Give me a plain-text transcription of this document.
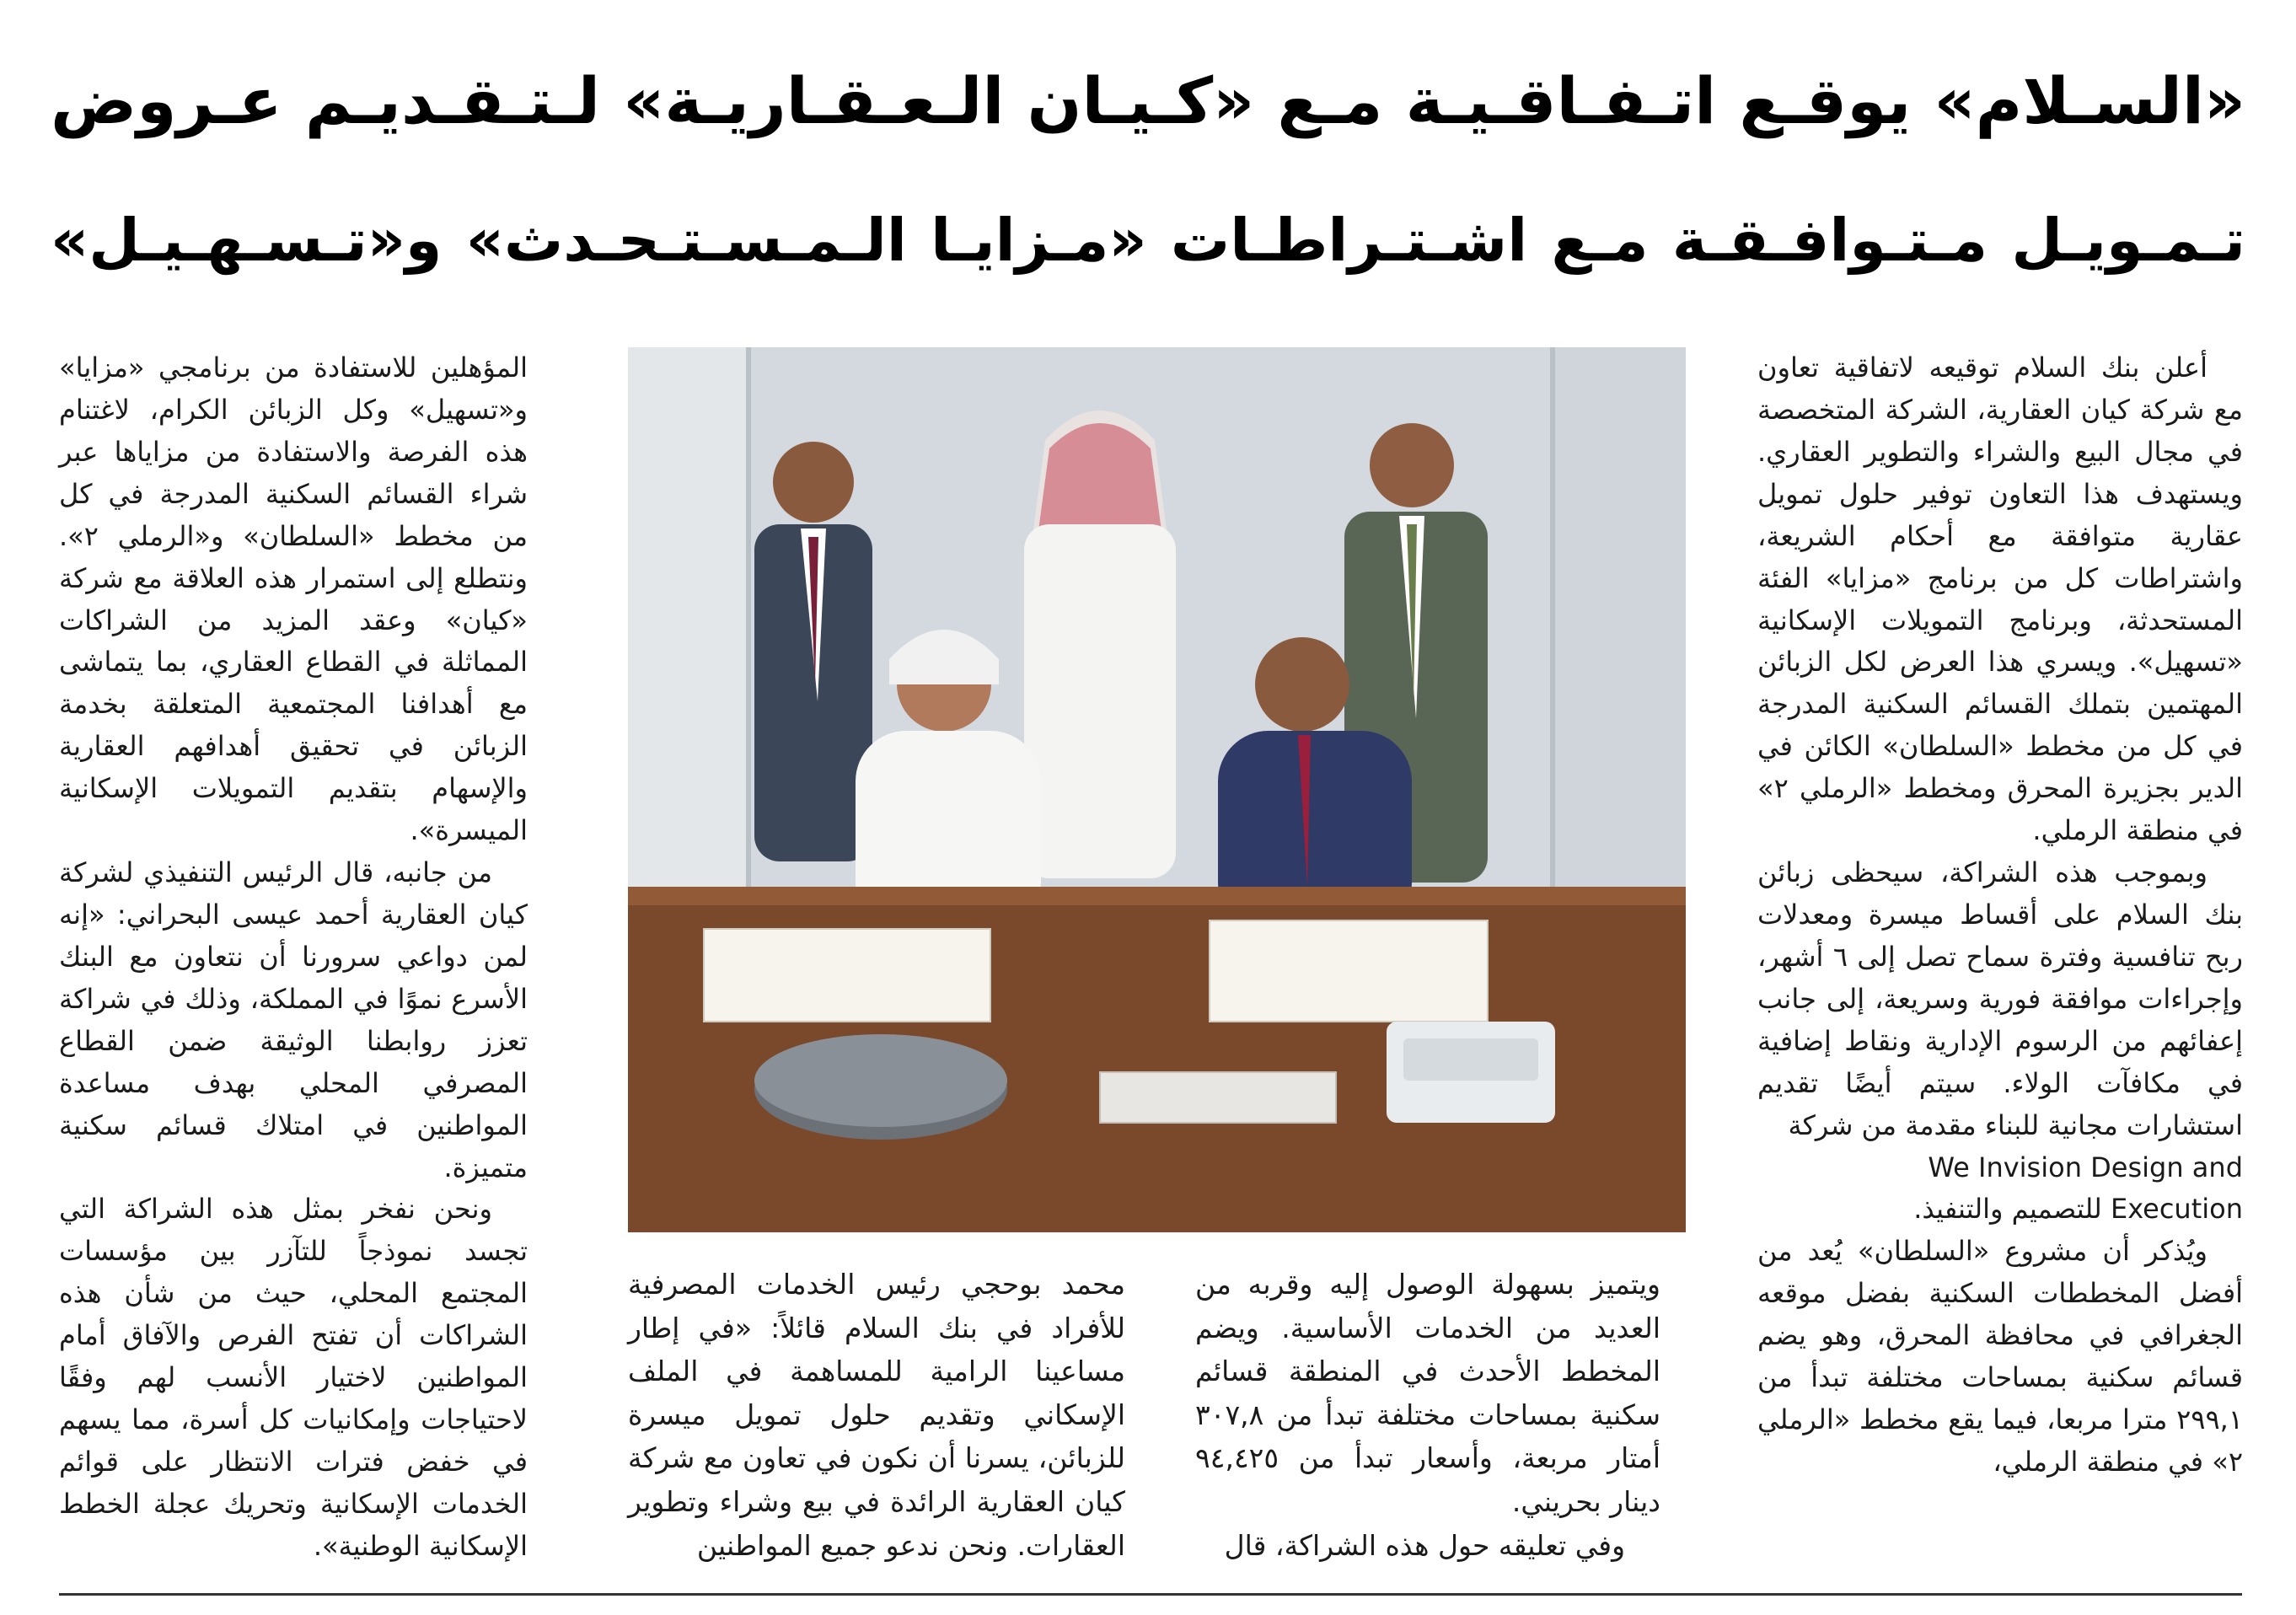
«السـلام» يوقـع اتـفـاقـيـة مـع «كـيـان الـعـقـاريـة» لـتـقـديـم عـروض
تـمـويـل مـتـوافـقـة مـع اشـتـراطـات «مـزايـا الـمـسـتـحـدث» و«تـسـهـيـل»

أعلن بنك السلام توقيعه لاتفاقية تعاون مع شركة كيان العقارية، الشركة المتخصصة في مجال البيع والشراء والتطوير العقاري. ويستهدف هذا التعاون توفير حلول تمويل عقارية متوافقة مع أحكام الشريعة، واشتراطات كل من برنامج «مزايا» الفئة المستحدثة، وبرنامج التمويلات الإسكانية «تسهيل». ويسري هذا العرض لكل الزبائن المهتمين بتملك القسائم السكنية المدرجة في كل من مخطط «السلطان» الكائن في الدير بجزيرة المحرق ومخطط «الرملي ٢» في منطقة الرملي.

وبموجب هذه الشراكة، سيحظى زبائن بنك السلام على أقساط ميسرة ومعدلات ربح تنافسية وفترة سماح تصل إلى ٦ أشهر، وإجراءات موافقة فورية وسريعة، إلى جانب إعفائهم من الرسوم الإدارية ونقاط إضافية في مكافآت الولاء. سيتم أيضًا تقديم استشارات مجانية للبناء مقدمة من شركة

We Invision Design and

Execution للتصميم والتنفيذ.

ويُذكر أن مشروع «السلطان» يُعد من أفضل المخططات السكنية بفضل موقعه الجغرافي في محافظة المحرق، وهو يضم قسائم سكنية بمساحات مختلفة تبدأ من ٢٩٩,١ مترا مربعا، فيما يقع مخطط «الرملي ٢» في منطقة الرملي،

ويتميز بسهولة الوصول إليه وقربه من العديد من الخدمات الأساسية. ويضم المخطط الأحدث في المنطقة قسائم سكنية بمساحات مختلفة تبدأ من ٣٠٧,٨ أمتار مربعة، وأسعار تبدأ من ٩٤,٤٢٥ دينار بحريني.

وفي تعليقه حول هذه الشراكة، قال

محمد بوحجي رئيس الخدمات المصرفية للأفراد في بنك السلام قائلاً: «في إطار مساعينا الرامية للمساهمة في الملف الإسكاني وتقديم حلول تمويل ميسرة للزبائن، يسرنا أن نكون في تعاون مع شركة كيان العقارية الرائدة في بيع وشراء وتطوير العقارات. ونحن ندعو جميع المواطنين

المؤهلين للاستفادة من برنامجي «مزايا» و«تسهيل» وكل الزبائن الكرام، لاغتنام هذه الفرصة والاستفادة من مزاياها عبر شراء القسائم السكنية المدرجة في كل من مخطط «السلطان» و«الرملي ٢». ونتطلع إلى استمرار هذه العلاقة مع شركة «كيان» وعقد المزيد من الشراكات المماثلة في القطاع العقاري، بما يتماشى مع أهدافنا المجتمعية المتعلقة بخدمة الزبائن في تحقيق أهدافهم العقارية والإسهام بتقديم التمويلات الإسكانية الميسرة».

من جانبه، قال الرئيس التنفيذي لشركة كيان العقارية أحمد عيسى البحراني: «إنه لمن دواعي سرورنا أن نتعاون مع البنك الأسرع نموًا في المملكة، وذلك في شراكة تعزز روابطنا الوثيقة ضمن القطاع المصرفي المحلي بهدف مساعدة المواطنين في امتلاك قسائم سكنية متميزة.

ونحن نفخر بمثل هذه الشراكة التي تجسد نموذجاً للتآزر بين مؤسسات المجتمع المحلي، حيث من شأن هذه الشراكات أن تفتح الفرص والآفاق أمام المواطنين لاختيار الأنسب لهم وفقًا لاحتياجات وإمكانيات كل أسرة، مما يسهم في خفض فترات الانتظار على قوائم الخدمات الإسكانية وتحريك عجلة الخطط الإسكانية الوطنية».
